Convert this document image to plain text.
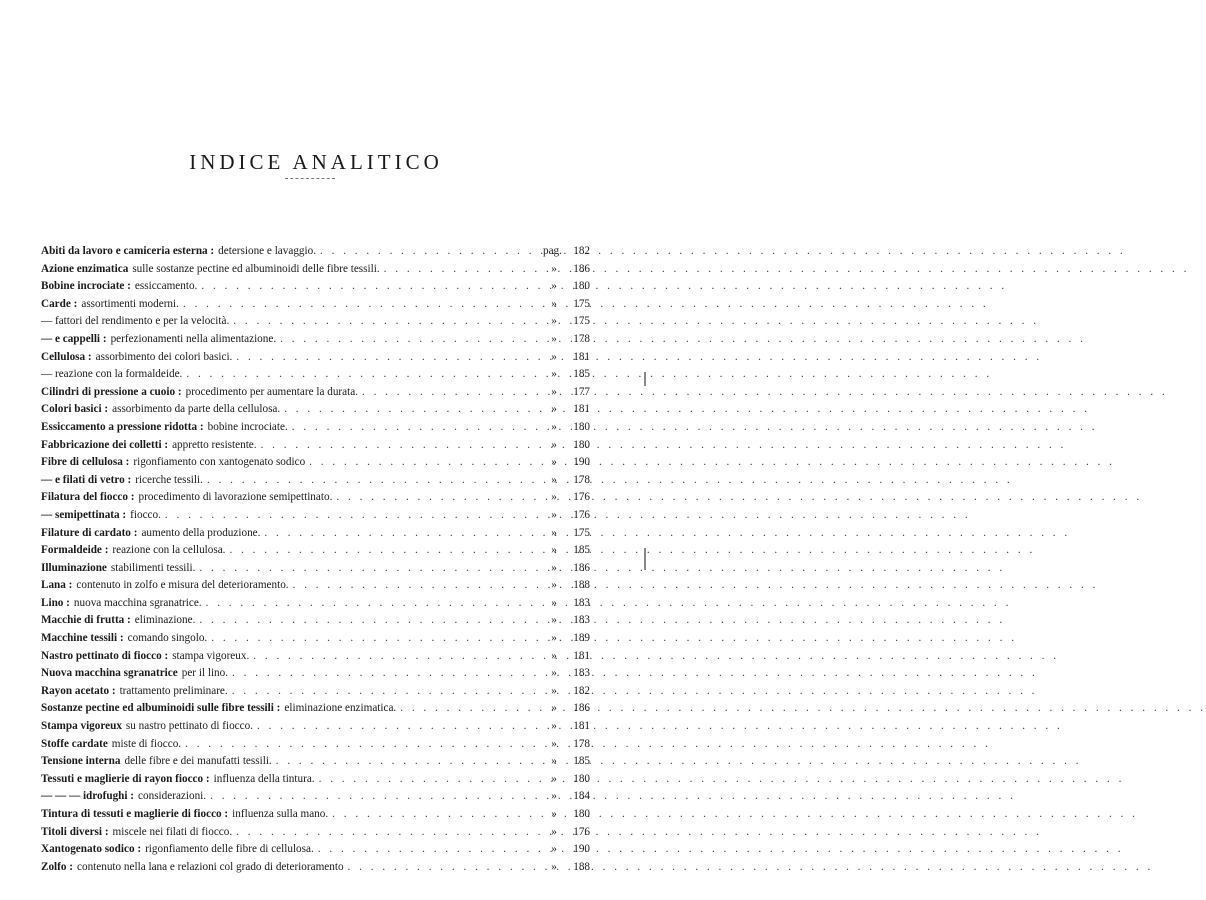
INDICE ANALITICO
Abiti da lavoro e camiceria esterna : detersione e lavaggio. . . .	pag.	182
Azione enzimatica sulle sostanze pectine ed albuminoidi delle fibre tessili. . . .	»	186
Bobine incrociate : essiccamento. . . .	»	180
Carde : assortimenti moderni. . . .	»	175
— fattori del rendimento e per la velocità. . . .	»	175
— e cappelli : perfezionamenti nella alimentazione. . . .	»	178
Cellulosa : assorbimento dei colori basici. . . .	»	181
— reazione con la formaldeide. . . .	»	185
Cilindri di pressione a cuoio : procedimento per aumentare la durata. . . .	»	177
Colori basici : assorbimento da parte della cellulosa. . . .	»	181
Essiccamento a pressione ridotta : bobine incrociate. . . .	»	180
Fabbricazione dei colletti : appretto resistente. . . .	»	180
Fibre di cellulosa : rigonfiamento con xantogenato sodico . . .	»	190
— e filati di vetro : ricerche tessili. . . .	»	178
Filatura del fiocco : procedimento di lavorazione semipettinato. . . .	»	176
— semipettinata : fiocco. . . .	»	176
Filature di cardato : aumento della produzione. . . .	»	175
Formaldeide : reazione con la cellulosa. . . .	»	185
Illuminazione stabilimenti tessili. . . .	»	186
Lana : contenuto in zolfo e misura del deterioramento. . . .	»	188
Lino : nuova macchina sgranatrice. . . .	»	183
Macchie di frutta : eliminazione. . . .	»	183
Macchine tessili : comando singolo. . . .	»	189
Nastro pettinato di fiocco : stampa vigoreux. . . .	»	181
Nuova macchina sgranatrice per il lino. . . .	»	183
Rayon acetato : trattamento preliminare. . . .	»	182
Sostanze pectine ed albuminoidi sulle fibre tessili : eliminazione enzimatica. . . .	»	186
Stampa vigoreux su nastro pettinato di fiocco. . . .	»	181
Stoffe cardate miste di fiocco. . . .	»	178
Tensione interna delle fibre e dei manufatti tessili. . . .	»	185
Tessuti e maglierie di rayon fiocco : influenza della tintura. . . .	»	180
— — — idrofughi : considerazioni. . . .	»	184
Tintura di tessuti e maglierie di fiocco : influenza sulla mano. . . .	»	180
Titoli diversi : miscele nei filati di fiocco. . . .	»	176
Xantogenato sodico : rigonfiamento delle fibre di cellulosa. . . .	»	190
Zolfo : contenuto nella lana e relazioni col grado di deterioramento . . .	»	188
